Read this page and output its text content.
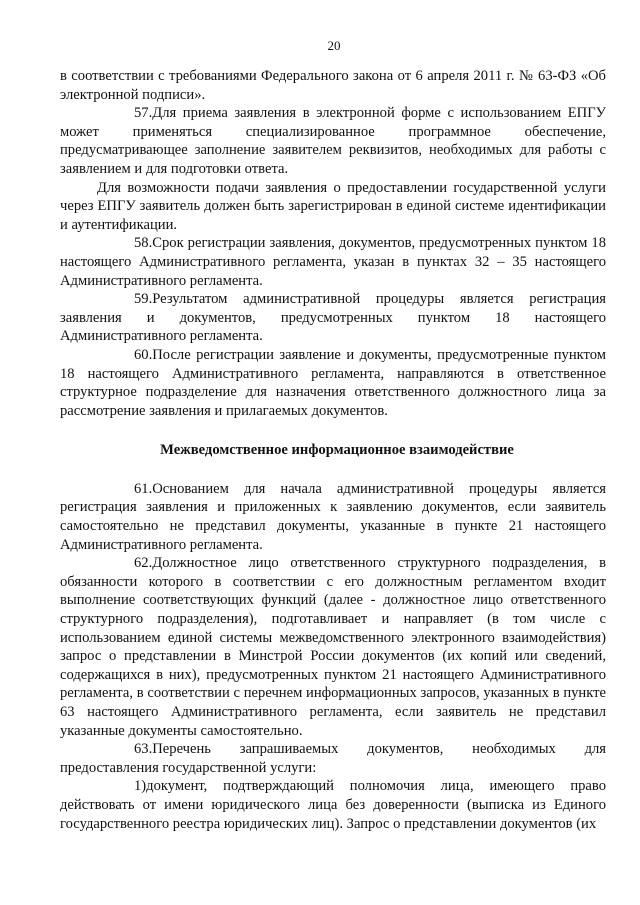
20

в соответствии с требованиями Федерального закона от 6 апреля 2011 г. № 63-ФЗ «Об электронной подписи».

57.Для приема заявления в электронной форме с использованием ЕПГУ может применяться специализированное программное обеспечение, предусматривающее заполнение заявителем реквизитов, необходимых для работы с заявлением и для подготовки ответа.

Для возможности подачи заявления о предоставлении государственной услуги через ЕПГУ заявитель должен быть зарегистрирован в единой системе идентификации и аутентификации.

58.Срок регистрации заявления, документов, предусмотренных пунктом 18 настоящего Административного регламента, указан в пунктах 32 – 35 настоящего Административного регламента.

59.Результатом административной процедуры является регистрация заявления и документов, предусмотренных пунктом 18 настоящего Административного регламента.

60.После регистрации заявление и документы, предусмотренные пунктом 18 настоящего Административного регламента, направляются в ответственное структурное подразделение для назначения ответственного должностного лица за рассмотрение заявления и прилагаемых документов.

Межведомственное информационное взаимодействие

61.Основанием для начала административной процедуры является регистрация заявления и приложенных к заявлению документов, если заявитель самостоятельно не представил документы, указанные в пункте 21 настоящего Административного регламента.

62.Должностное лицо ответственного структурного подразделения, в обязанности которого в соответствии с его должностным регламентом входит выполнение соответствующих функций (далее - должностное лицо ответственного структурного подразделения), подготавливает и направляет (в том числе с использованием единой системы межведомственного электронного взаимодействия) запрос о представлении в Минстрой России документов (их копий или сведений, содержащихся в них), предусмотренных пунктом 21 настоящего Административного регламента, в соответствии с перечнем информационных запросов, указанных в пункте 63 настоящего Административного регламента, если заявитель не представил указанные документы самостоятельно.

63.Перечень запрашиваемых документов, необходимых для предоставления государственной услуги:

1)документ, подтверждающий полномочия лица, имеющего право действовать от имени юридического лица без доверенности (выписка из Единого государственного реестра юридических лиц). Запрос о представлении документов (их
